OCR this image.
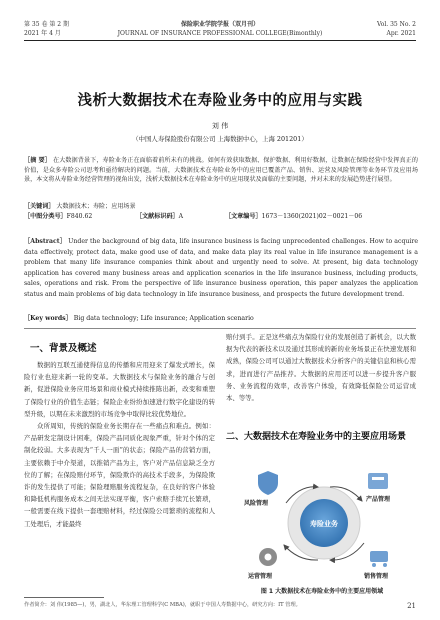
第 35 卷 第 2 期
2021 年 4 月
保险职业学院学报（双月刊）
JOURNAL OF INSURANCE PROFESSIONAL COLLEGE(Bimonthly)
Vol. 35 No. 2
Apr. 2021
浅析大数据技术在寿险业务中的应用与实践
刘 伟
（中国人寿保险股份有限公司 上海数据中心，上海 201201）
［摘 要］ 在大数据背景下，寿险业务正在面临着前所未有的挑战。如何有效获取数据、保护数据、利用好数据，让数据在保险经营中发挥真正的价值，是众多寿险公司思考和亟待解决的问题。当前，大数据技术在寿险业务中的应用已覆盖产品、销售、运营及风险管理等业务环节及应用场景，本文将从寿险业务经营管理的视角出发，浅析大数据技术在寿险业务中的应用现状及面临的主要问题，并对未来的发展趋势进行展望。
［关键词］ 大数据技术；寿险；应用场景
［中图分类号］F840.62	［文献标识码］A	［文章编号］1673－1360(2021)02－0021－06
［Abstract］ Under the background of big data, life insurance business is facing unprecedented challenges. How to acquire data effectively, protect data, make good use of data, and make data play its real value in life insurance management is a problem that many life insurance companies think about and urgently need to solve. At present, big data technology application has covered many business areas and application scenarios in the life insurance business, including products, sales, operations and risk. From the perspective of life insurance business operation, this paper analyzes the application status and main problems of big data technology in life insurance business, and prospects the future development trend.
［Key words］ Big data technology; Life insurance; Application scenario
一、背景及概述

数据的互联互通使得信息的传播和应用迎来了爆发式增长，保险行业也迎来新一轮的变革。大数据技术与保险业务的融合与创新，促进保险业务应用场景和商业模式持续推陈出新，改变和重塑了保险行业的价值生态链；保险企业纷纷加速进行数字化建设的转型升级，以期在未来激烈的市场竞争中取得比较优势地位。

众所周知，传统的保险业务长期存在一些痛点和难点。例如：产品研发定制设计困难，保险产品同质化现象严重，针对个体的定制化较弱。大多表现为“千人一面”的状态；保险产品的营销方面，主要依赖于中介渠道，以推销产品为主，客户对产品信息缺乏全方位的了解；在保险赔付环节，保险欺诈的高技术手段多，为保险欺诈的发生提供了可能；保险理赔服务流程复杂，在良好的客户体验和降低机构服务成本之间无法实现平衡，客户索赔手续冗长繁琐，一般需要在线下提供一套理赔材料，经过保险公司繁琐的流程和人工处理后，才能最终

赔付到手。正是这些痛点为保险行业的发展创造了新机会，以大数据为代表的新技术以及通过其形成的新的业务场景正在快速发展和成熟，保险公司可以通过大数据技术分析客户的关键信息和核心需求，进而进行产品推荐。大数据的应用还可以进一步提升客户服务、业务流程的效率，改善客户体验，有效降低保险公司运营成本、等等。

二、大数据技术在寿险业务中的主要应用场景
寿险业务
风险管理
产品管理
运营管理	销售管理
图 1 大数据技术在寿险业务中的主要应用领域
作者简介：刘 伟(1985—)，男，湖北人，华东理工管理科学(C MBA)，就职于中国人寿数据中心，研究方向：IT 管理。	21
